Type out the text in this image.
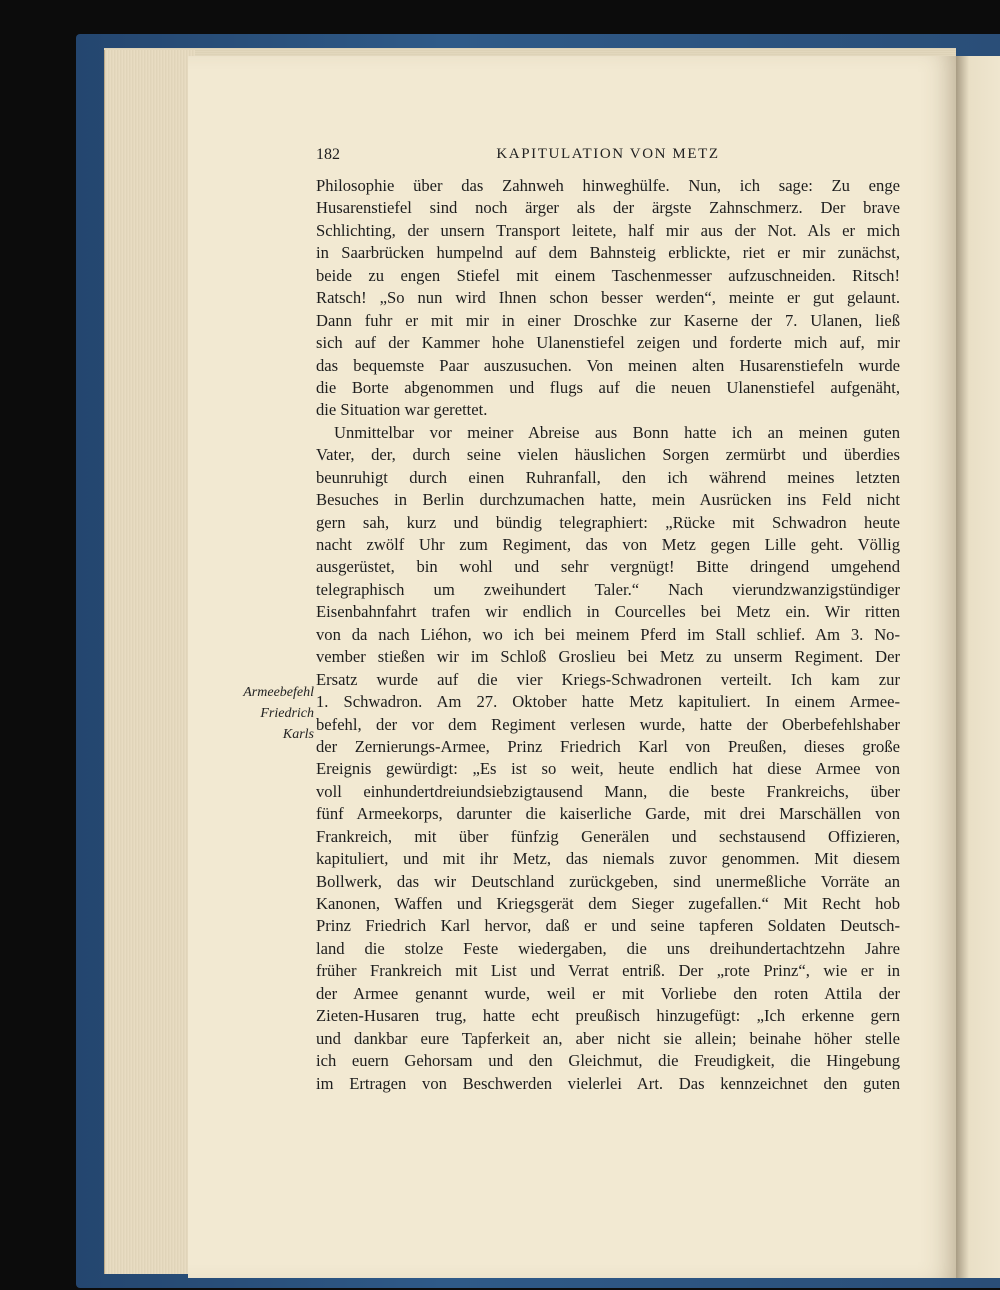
182	KAPITULATION VON METZ
Armeebefehl
Friedrich
Karls
Philosophie über das Zahnweh hinweghülfe. Nun, ich sage: Zu enge
Husarenstiefel sind noch ärger als der ärgste Zahnschmerz. Der brave
Schlichting, der unsern Transport leitete, half mir aus der Not. Als er mich
in Saarbrücken humpelnd auf dem Bahnsteig erblickte, riet er mir zunächst,
beide zu engen Stiefel mit einem Taschenmesser aufzuschneiden. Ritsch!
Ratsch! „So nun wird Ihnen schon besser werden“, meinte er gut gelaunt.
Dann fuhr er mit mir in einer Droschke zur Kaserne der 7. Ulanen, ließ
sich auf der Kammer hohe Ulanenstiefel zeigen und forderte mich auf, mir
das bequemste Paar auszusuchen. Von meinen alten Husarenstiefeln wurde
die Borte abgenommen und flugs auf die neuen Ulanenstiefel aufgenäht,
die Situation war gerettet.
Unmittelbar vor meiner Abreise aus Bonn hatte ich an meinen guten
Vater, der, durch seine vielen häuslichen Sorgen zermürbt und überdies
beunruhigt durch einen Ruhranfall, den ich während meines letzten
Besuches in Berlin durchzumachen hatte, mein Ausrücken ins Feld nicht
gern sah, kurz und bündig telegraphiert: „Rücke mit Schwadron heute
nacht zwölf Uhr zum Regiment, das von Metz gegen Lille geht. Völlig
ausgerüstet, bin wohl und sehr vergnügt! Bitte dringend umgehend
telegraphisch um zweihundert Taler.“ Nach vierundzwanzigstündiger
Eisenbahnfahrt trafen wir endlich in Courcelles bei Metz ein. Wir ritten
von da nach Liéhon, wo ich bei meinem Pferd im Stall schlief. Am 3. No-
vember stießen wir im Schloß Groslieu bei Metz zu unserm Regiment. Der
Ersatz wurde auf die vier Kriegs-Schwadronen verteilt. Ich kam zur
1. Schwadron. Am 27. Oktober hatte Metz kapituliert. In einem Armee-
befehl, der vor dem Regiment verlesen wurde, hatte der Oberbefehlshaber
der Zernierungs-Armee, Prinz Friedrich Karl von Preußen, dieses große
Ereignis gewürdigt: „Es ist so weit, heute endlich hat diese Armee von
voll einhundertdreiundsiebzigtausend Mann, die beste Frankreichs, über
fünf Armeekorps, darunter die kaiserliche Garde, mit drei Marschällen von
Frankreich, mit über fünfzig Generälen und sechstausend Offizieren,
kapituliert, und mit ihr Metz, das niemals zuvor genommen. Mit diesem
Bollwerk, das wir Deutschland zurückgeben, sind unermeßliche Vorräte an
Kanonen, Waffen und Kriegsgerät dem Sieger zugefallen.“ Mit Recht hob
Prinz Friedrich Karl hervor, daß er und seine tapferen Soldaten Deutsch-
land die stolze Feste wiedergaben, die uns dreihundertachtzehn Jahre
früher Frankreich mit List und Verrat entriß. Der „rote Prinz“, wie er in
der Armee genannt wurde, weil er mit Vorliebe den roten Attila der
Zieten-Husaren trug, hatte echt preußisch hinzugefügt: „Ich erkenne gern
und dankbar eure Tapferkeit an, aber nicht sie allein; beinahe höher stelle
ich euern Gehorsam und den Gleichmut, die Freudigkeit, die Hingebung
im Ertragen von Beschwerden vielerlei Art. Das kennzeichnet den guten
